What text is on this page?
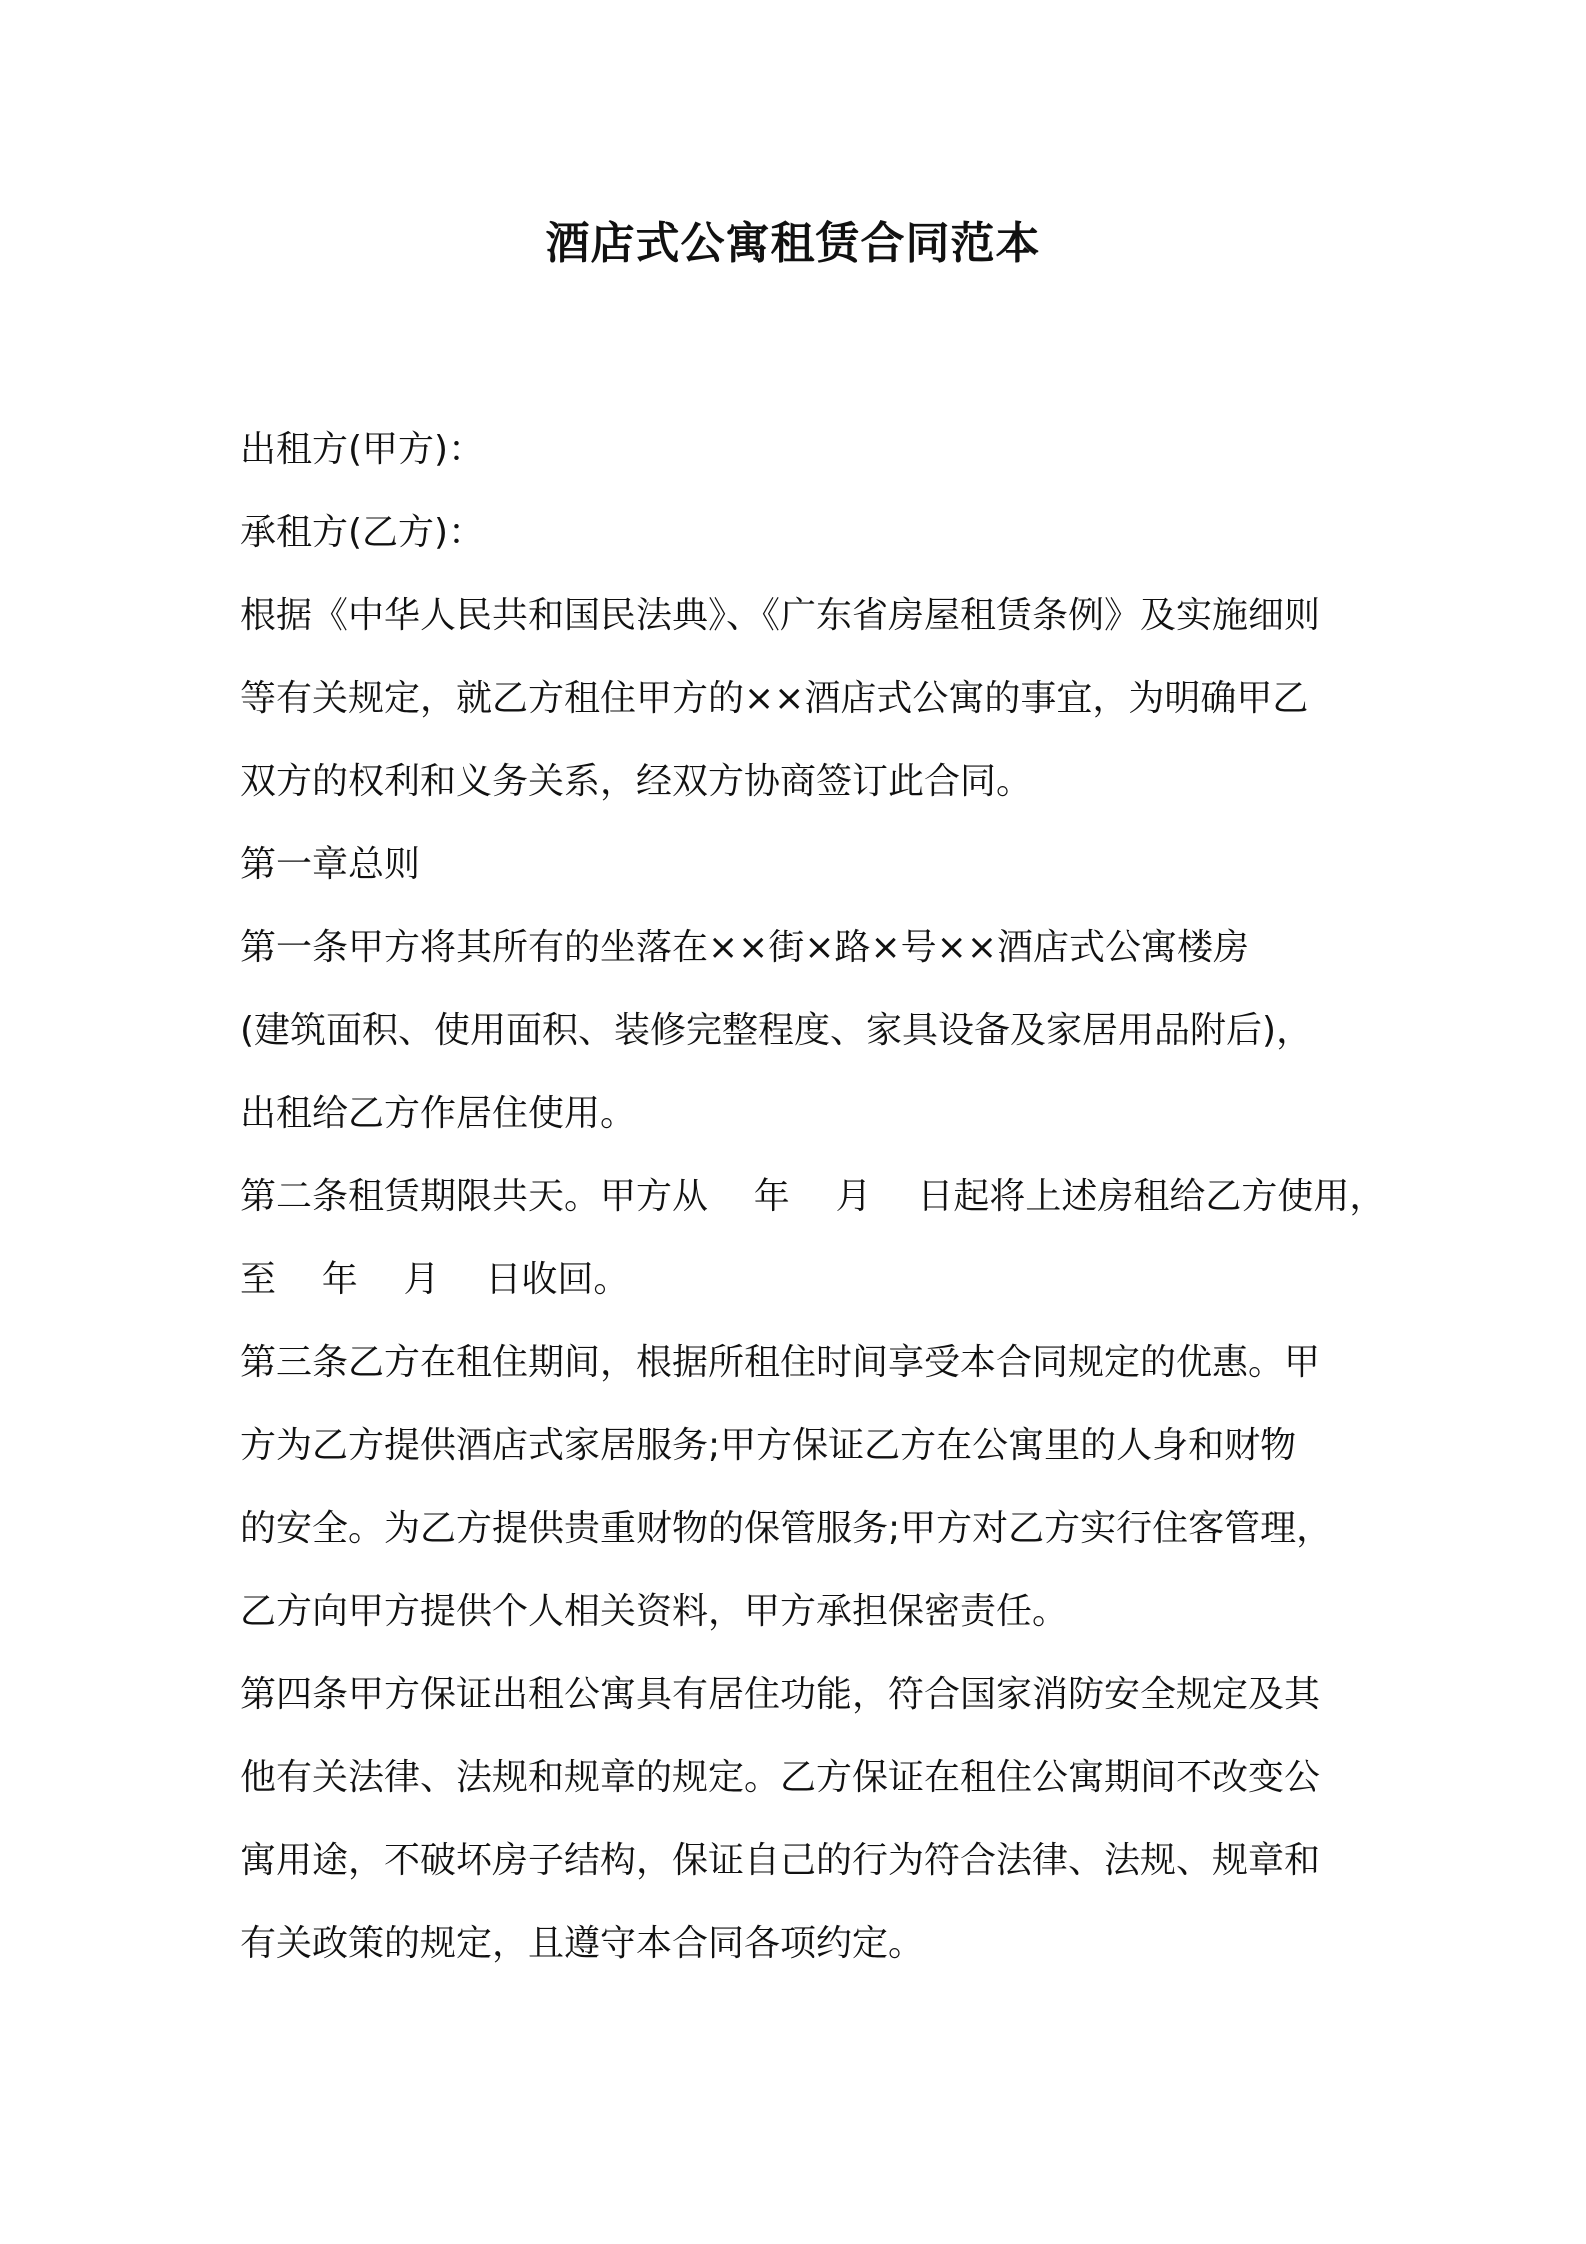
酒店式公寓租赁合同范本
出租方(甲方)：
承租方(乙方)：
根据《中华人民共和国民法典》、《广东省房屋租赁条例》及实施细则
等有关规定，就乙方租住甲方的××酒店式公寓的事宜，为明确甲乙
双方的权利和义务关系，经双方协商签订此合同。
第一章总则
第一条甲方将其所有的坐落在××街×路×号××酒店式公寓楼房
(建筑面积、使用面积、装修完整程度、家具设备及家居用品附后)，
出租给乙方作居住使用。
第二条租赁期限共天。甲方从    年    月    日起将上述房租给乙方使用，
至    年    月    日收回。
第三条乙方在租住期间，根据所租住时间享受本合同规定的优惠。甲
方为乙方提供酒店式家居服务;甲方保证乙方在公寓里的人身和财物
的安全。为乙方提供贵重财物的保管服务;甲方对乙方实行住客管理，
乙方向甲方提供个人相关资料，甲方承担保密责任。
第四条甲方保证出租公寓具有居住功能，符合国家消防安全规定及其
他有关法律、法规和规章的规定。乙方保证在租住公寓期间不改变公
寓用途，不破坏房子结构，保证自己的行为符合法律、法规、规章和
有关政策的规定，且遵守本合同各项约定。
